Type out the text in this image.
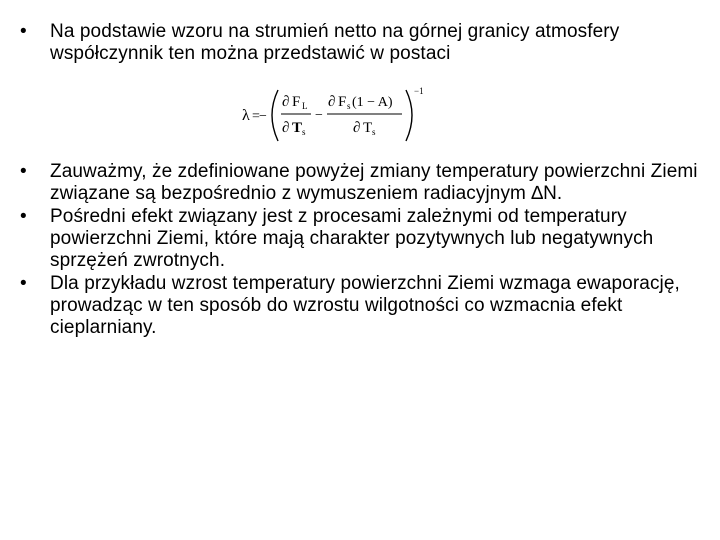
•	Na podstawie wzoru na strumień netto na górnej granicy atmosfery współczynnik ten można przedstawić w postaci
λ = −
∂ F L
∂ T s
−
∂ F s (1 − A)
∂ T s
−1
•	Zauważmy, że zdefiniowane powyżej zmiany temperatury powierzchni Ziemi związane są bezpośrednio z wymuszeniem radiacyjnym ∆N.
•	Pośredni efekt związany jest z procesami zależnymi od temperatury powierzchni Ziemi, które mają charakter pozytywnych lub negatywnych sprzężeń zwrotnych.
•	Dla przykładu wzrost temperatury powierzchni Ziemi wzmaga ewaporację, prowadząc w ten sposób do wzrostu wilgotności co wzmacnia efekt cieplarniany.
